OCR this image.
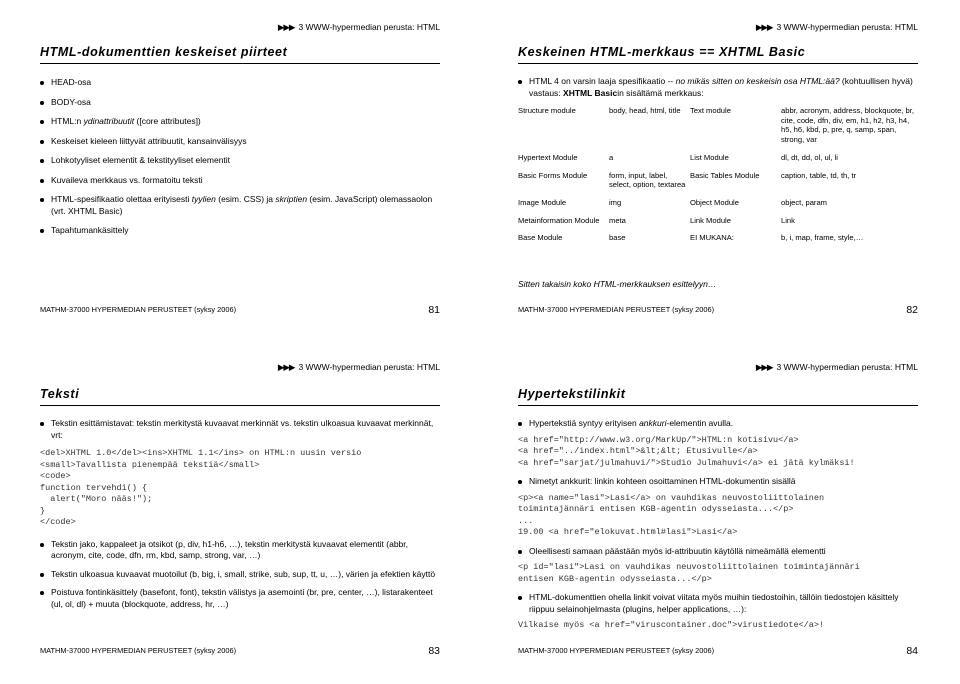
▶▶▶ 3 WWW-hypermedian perusta: HTML
HTML-dokumenttien keskeiset piirteet
HEAD-osa
BODY-osa
HTML:n ydinattribuutit ([core attributes])
Keskeiset kieleen liittyvät attribuutit, kansainvälisyys
Lohkotyyliset elementit & tekstityyliset elementit
Kuvaileva merkkaus vs. formatoitu teksti
HTML-spesifikaatio olettaa erityisesti tyylien (esim. CSS) ja skriptien (esim. JavaScript) olemassaolon (vrt. XHTML Basic)
Tapahtumankäsittely
MATHM-37000 HYPERMEDIAN PERUSTEET (syksy 2006)	81
▶▶▶ 3 WWW-hypermedian perusta: HTML
Keskeinen HTML-merkkaus == XHTML Basic
HTML 4 on varsin laaja spesifikaatio -- no mikäs sitten on keskeisin osa HTML:ää? (kohtuullisen hyvä) vastaus: XHTML Basicin sisältämä merkkaus:
Structure module	body, head, html, title	Text module	abbr, acronym, address, blockquote, br, cite, code, dfn, div, em, h1, h2, h3, h4, h5, h6, kbd, p, pre, q, samp, span, strong, var
Hypertext Module	a	List Module	dl, dt, dd, ol, ul, li
Basic Forms Module	form, input, label, select, option, textarea	Basic Tables Module	caption, table, td, th, tr
Image Module	img	Object Module	object, param
Metainformation Module	meta	Link Module	Link
Base Module	base	EI MUKANA:	b, i, map, frame, style,…
Sitten takaisin koko HTML-merkkauksen esittelyyn…
MATHM-37000 HYPERMEDIAN PERUSTEET (syksy 2006)	82
▶▶▶ 3 WWW-hypermedian perusta: HTML
Teksti
Tekstin esittämistavat: tekstin merkitystä kuvaavat merkinnät vs. tekstin ulkoasua kuvaavat merkinnät, vrt:
<del>XHTML 1.0</del><ins>XHTML 1.1</ins> on HTML:n uusin versio
<small>Tavallista pienempää tekstiä</small>
<code>
function tervehdi() {
alert("Moro nääs!");
}
</code>
Tekstin jako, kappaleet ja otsikot (p, div, h1-h6, …), tekstin merkitystä kuvaavat elementit (abbr, acronym, cite, code, dfn, rm, kbd, samp, strong, var, …)
Tekstin ulkoasua kuvaavat muotoilut (b, big, i, small, strike, sub, sup, tt, u, …), värien ja efektien käyttö
Poistuva fontinkäsittely (basefont, font), tekstin välistys ja asemointi (br, pre, center, …), listarakenteet (ul, ol, dl) + muuta (blockquote, address, hr, …)
MATHM-37000 HYPERMEDIAN PERUSTEET (syksy 2006)	83
▶▶▶ 3 WWW-hypermedian perusta: HTML
Hypertekstilinkit
Hypertekstiä syntyy erityisen ankkuri-elementin avulla.
<a href="http://www.w3.org/MarkUp/">HTML:n kotisivu</a>
<a href="../index.html">&lt;&lt; Etusivulle</a>
<a href="sarjat/julmahuvi/">Studio Julmahuvi</a> ei jätä kylmäksi!
Nimetyt ankkurit: linkin kohteen osoittaminen HTML-dokumentin sisällä
<p><a name="lasi">Lasi</a> on vauhdikas neuvostoliittolainen
toimintajännäri entisen KGB-agentin odysseiasta...</p>
...
19.00 <a href="elokuvat.html#lasi">Lasi</a>
Oleellisesti samaan päästään myös id-attribuutin käytöllä nimeämällä elementti
<p id="lasi">Lasi on vauhdikas neuvostoliittolainen toimintajännäri
entisen KGB-agentin odysseiasta...</p>
HTML-dokumenttien ohella linkit voivat viitata myös muihin tiedostoihin, tällöin tiedostojen käsittely riippuu selainohjelmasta (plugins, helper applications, …):
Vilkaise myös <a href="viruscontainer.doc">virustiedote</a>!
MATHM-37000 HYPERMEDIAN PERUSTEET (syksy 2006)	84
